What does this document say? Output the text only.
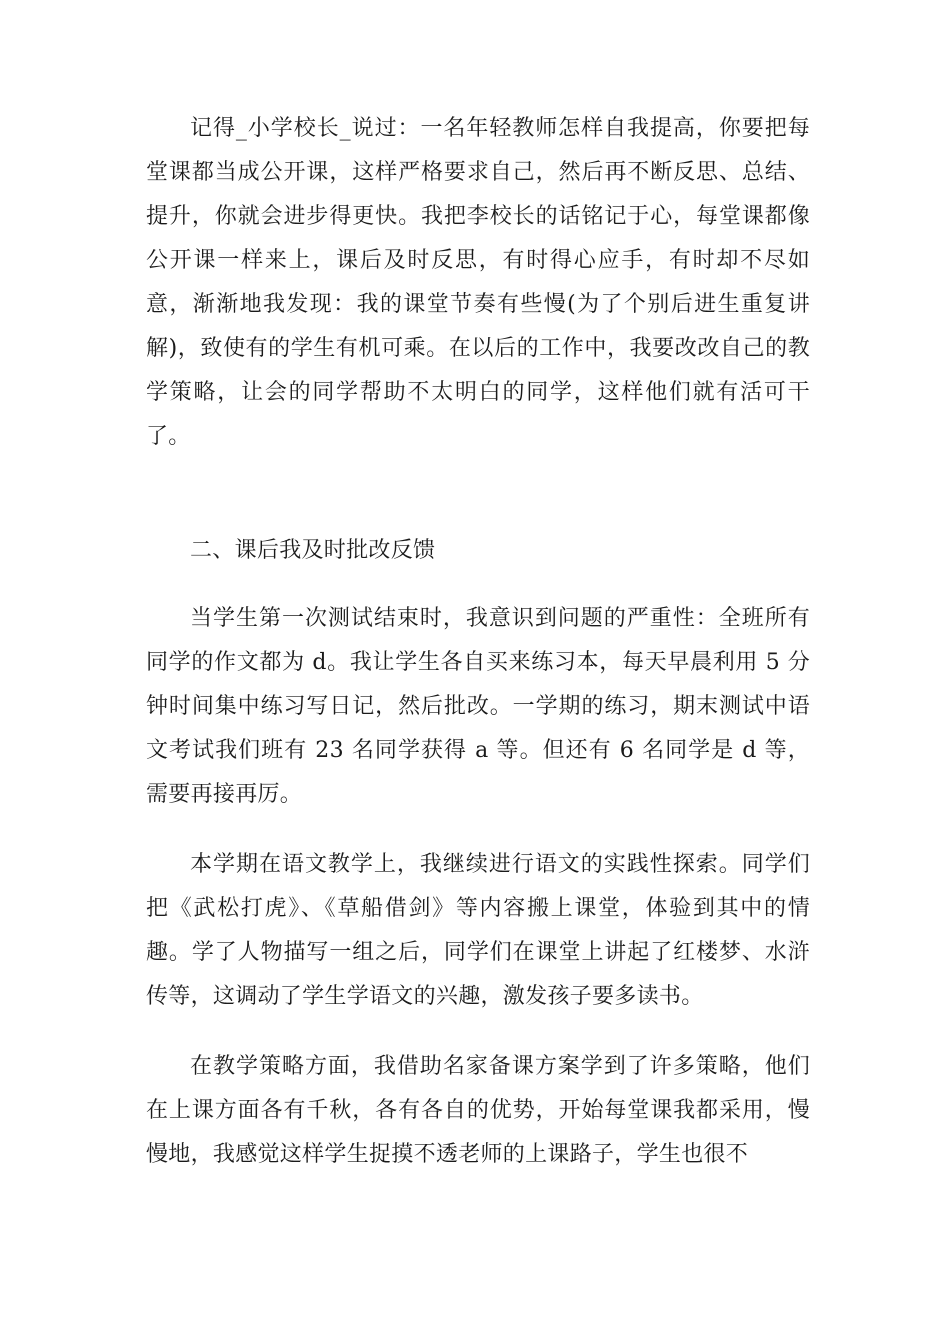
记得_小学校长_说过：一名年轻教师怎样自我提高，你要把每堂课都当成公开课，这样严格要求自己，然后再不断反思、总结、提升，你就会进步得更快。我把李校长的话铭记于心，每堂课都像公开课一样来上，课后及时反思，有时得心应手，有时却不尽如意，渐渐地我发现：我的课堂节奏有些慢(为了个别后进生重复讲解)，致使有的学生有机可乘。在以后的工作中，我要改改自己的教学策略，让会的同学帮助不太明白的同学，这样他们就有活可干了。

二、课后我及时批改反馈

当学生第一次测试结束时，我意识到问题的严重性：全班所有同学的作文都为 d。我让学生各自买来练习本，每天早晨利用 5 分钟时间集中练习写日记，然后批改。一学期的练习，期末测试中语文考试我们班有 23 名同学获得 a 等。但还有 6 名同学是 d 等，需要再接再厉。

本学期在语文教学上，我继续进行语文的实践性探索。同学们把《武松打虎》、《草船借剑》等内容搬上课堂，体验到其中的情趣。学了人物描写一组之后，同学们在课堂上讲起了红楼梦、水浒传等，这调动了学生学语文的兴趣，激发孩子要多读书。

在教学策略方面，我借助名家备课方案学到了许多策略，他们在上课方面各有千秋，各有各自的优势，开始每堂课我都采用，慢慢地，我感觉这样学生捉摸不透老师的上课路子，学生也很不
